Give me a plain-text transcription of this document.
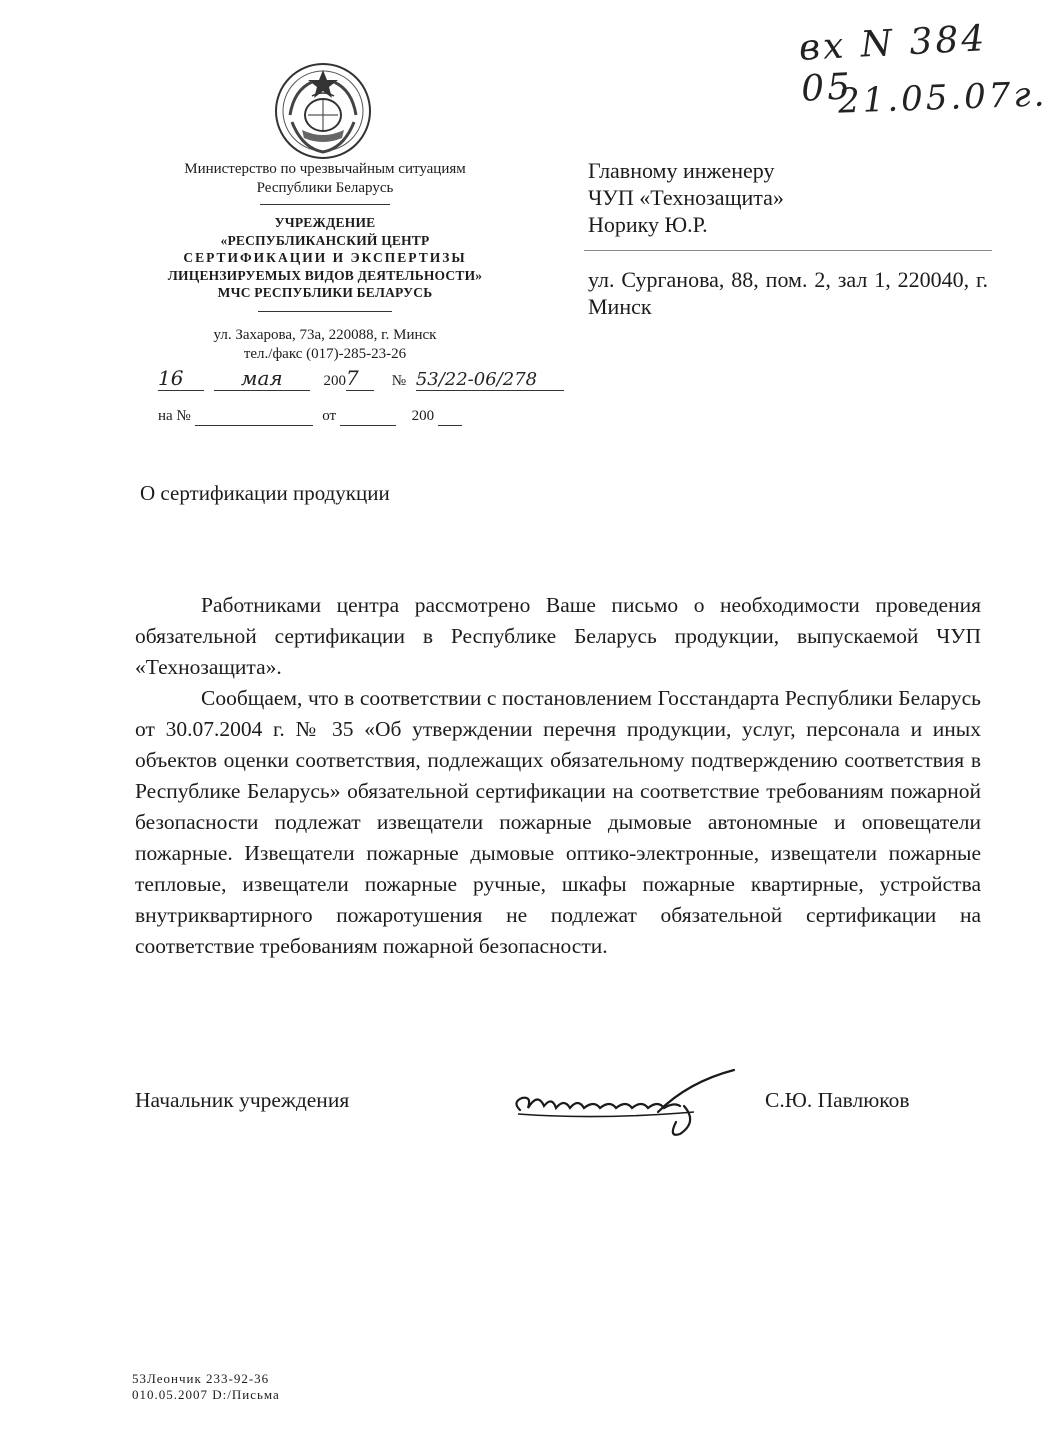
вх N 384 05
21.05.07г.
Министерство по чрезвычайным ситуациям
Республики Беларусь
УЧРЕЖДЕНИЕ
«РЕСПУБЛИКАНСКИЙ ЦЕНТР
СЕРТИФИКАЦИИ И ЭКСПЕРТИЗЫ
ЛИЦЕНЗИРУЕМЫХ ВИДОВ ДЕЯТЕЛЬНОСТИ»
МЧС РЕСПУБЛИКИ БЕЛАРУСЬ
ул. Захарова, 73а, 220088, г. Минск
тел./факс (017)-285-23-26
16	мая	2007 № 53/22-06/278
на №	от	200
Главному инженеру
ЧУП «Технозащита»
Норику Ю.Р.
ул. Сурганова, 88, пом. 2, зал 1, 220040, г. Минск
О сертификации продукции

Работниками центра рассмотрено Ваше письмо о необходимости проведения обязательной сертификации в Республике Беларусь продукции, выпускаемой ЧУП «Технозащита».

Сообщаем, что в соответствии с постановлением Госстандарта Республики Беларусь от 30.07.2004 г. № 35 «Об утверждении перечня продукции, услуг, персонала и иных объектов оценки соответствия, подлежащих обязательному подтверждению соответствия в Республике Беларусь» обязательной сертификации на соответствие требованиям пожарной безопасности подлежат извещатели пожарные дымовые автономные и оповещатели пожарные. Извещатели пожарные дымовые оптико-электронные, извещатели пожарные тепловые, извещатели пожарные ручные, шкафы пожарные квартирные, устройства внутриквартирного пожаротушения не подлежат обязательной сертификации на соответствие требованиям пожарной безопасности.

Начальник учреждения	С.Ю. Павлюков
53Леончик 233-92-36
010.05.2007 D:/Письма
